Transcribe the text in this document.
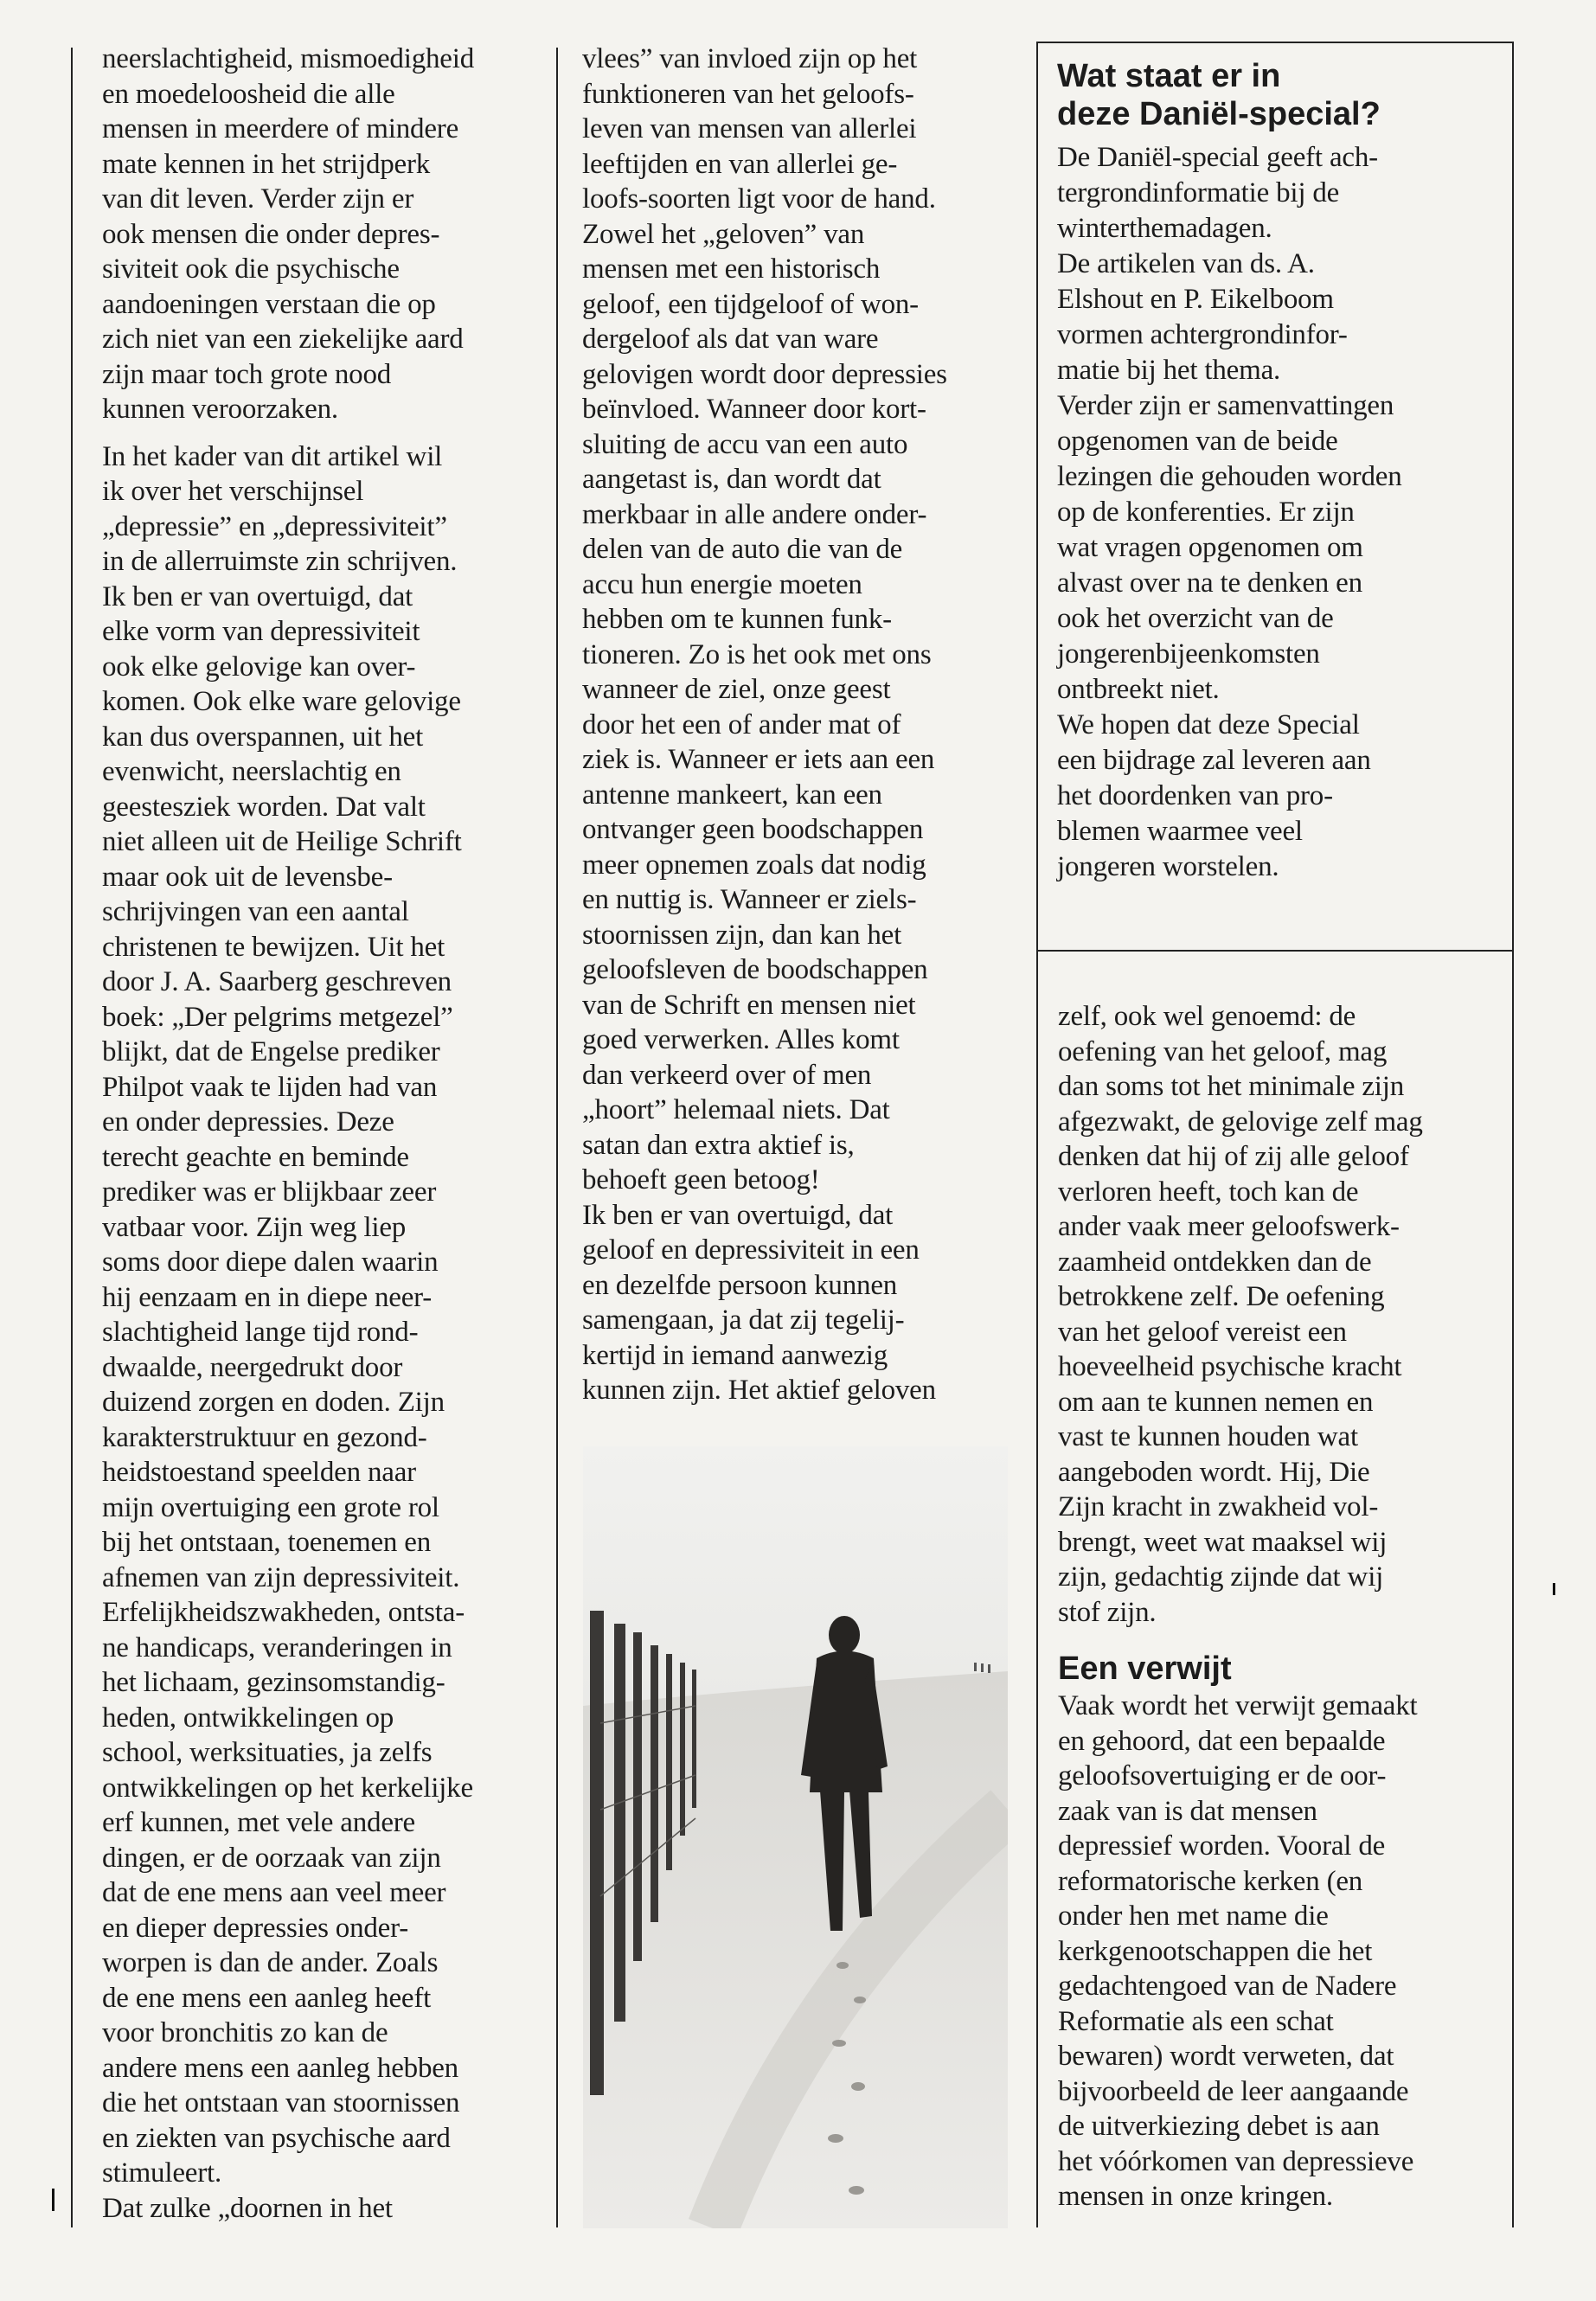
neerslachtigheid, mismoedigheid
en moedeloosheid die alle
mensen in meerdere of mindere
mate kennen in het strijdperk
van dit leven. Verder zijn er
ook mensen die onder depres-
siviteit ook die psychische
aandoeningen verstaan die op
zich niet van een ziekelijke aard
zijn maar toch grote nood
kunnen veroorzaken.

In het kader van dit artikel wil
ik over het verschijnsel
„depressie” en „depressiviteit”
in de allerruimste zin schrijven.
Ik ben er van overtuigd, dat
elke vorm van depressiviteit
ook elke gelovige kan over-
komen. Ook elke ware gelovige
kan dus overspannen, uit het
evenwicht, neerslachtig en
geestesziek worden. Dat valt
niet alleen uit de Heilige Schrift
maar ook uit de levensbe-
schrijvingen van een aantal
christenen te bewijzen. Uit het
door J. A. Saarberg geschreven
boek: „Der pelgrims metgezel”
blijkt, dat de Engelse prediker
Philpot vaak te lijden had van
en onder depressies. Deze
terecht geachte en beminde
prediker was er blijkbaar zeer
vatbaar voor. Zijn weg liep
soms door diepe dalen waarin
hij eenzaam en in diepe neer-
slachtigheid lange tijd rond-
dwaalde, neergedrukt door
duizend zorgen en doden. Zijn
karakterstruktuur en gezond-
heidstoestand speelden naar
mijn overtuiging een grote rol
bij het ontstaan, toenemen en
afnemen van zijn depressiviteit.
Erfelijkheidszwakheden, ontsta-
ne handicaps, veranderingen in
het lichaam, gezinsomstandig-
heden, ontwikkelingen op
school, werksituaties, ja zelfs
ontwikkelingen op het kerkelijke
erf kunnen, met vele andere
dingen, er de oorzaak van zijn
dat de ene mens aan veel meer
en dieper depressies onder-
worpen is dan de ander. Zoals
de ene mens een aanleg heeft
voor bronchitis zo kan de
andere mens een aanleg hebben
die het ontstaan van stoornissen
en ziekten van psychische aard
stimuleert.
Dat zulke „doornen in het

vlees” van invloed zijn op het
funktioneren van het geloofs-
leven van mensen van allerlei
leeftijden en van allerlei ge-
loofs-soorten ligt voor de hand.
Zowel het „geloven” van
mensen met een historisch
geloof, een tijdgeloof of won-
dergeloof als dat van ware
gelovigen wordt door depressies
beïnvloed. Wanneer door kort-
sluiting de accu van een auto
aangetast is, dan wordt dat
merkbaar in alle andere onder-
delen van de auto die van de
accu hun energie moeten
hebben om te kunnen funk-
tioneren. Zo is het ook met ons
wanneer de ziel, onze geest
door het een of ander mat of
ziek is. Wanneer er iets aan een
antenne mankeert, kan een
ontvanger geen boodschappen
meer opnemen zoals dat nodig
en nuttig is. Wanneer er ziels-
stoornissen zijn, dan kan het
geloofsleven de boodschappen
van de Schrift en mensen niet
goed verwerken. Alles komt
dan verkeerd over of men
„hoort” helemaal niets. Dat
satan dan extra aktief is,
behoeft geen betoog!

Ik ben er van overtuigd, dat
geloof en depressiviteit in een
en dezelfde persoon kunnen
samengaan, ja dat zij tegelij-
kertijd in iemand aanwezig
kunnen zijn. Het aktief geloven

Wat staat er in
deze Daniël-special?

De Daniël-special geeft ach-
tergrondinformatie bij de
winterthemadagen.
De artikelen van ds. A.
Elshout en P. Eikelboom
vormen achtergrondinfor-
matie bij het thema.
Verder zijn er samenvattingen
opgenomen van de beide
lezingen die gehouden worden
op de konferenties. Er zijn
wat vragen opgenomen om
alvast over na te denken en
ook het overzicht van de
jongerenbijeenkomsten
ontbreekt niet.
We hopen dat deze Special
een bijdrage zal leveren aan
het doordenken van pro-
blemen waarmee veel
jongeren worstelen.

zelf, ook wel genoemd: de
oefening van het geloof, mag
dan soms tot het minimale zijn
afgezwakt, de gelovige zelf mag
denken dat hij of zij alle geloof
verloren heeft, toch kan de
ander vaak meer geloofswerk-
zaamheid ontdekken dan de
betrokkene zelf. De oefening
van het geloof vereist een
hoeveelheid psychische kracht
om aan te kunnen nemen en
vast te kunnen houden wat
aangeboden wordt. Hij, Die
Zijn kracht in zwakheid vol-
brengt, weet wat maaksel wij
zijn, gedachtig zijnde dat wij
stof zijn.

Een verwijt

Vaak wordt het verwijt gemaakt
en gehoord, dat een bepaalde
geloofsovertuiging er de oor-
zaak van is dat mensen
depressief worden. Vooral de
reformatorische kerken (en
onder hen met name die
kerkgenootschappen die het
gedachtengoed van de Nadere
Reformatie als een schat
bewaren) wordt verweten, dat
bijvoorbeeld de leer aangaande
de uitverkiezing debet is aan
het vóórkomen van depressieve
mensen in onze kringen.
